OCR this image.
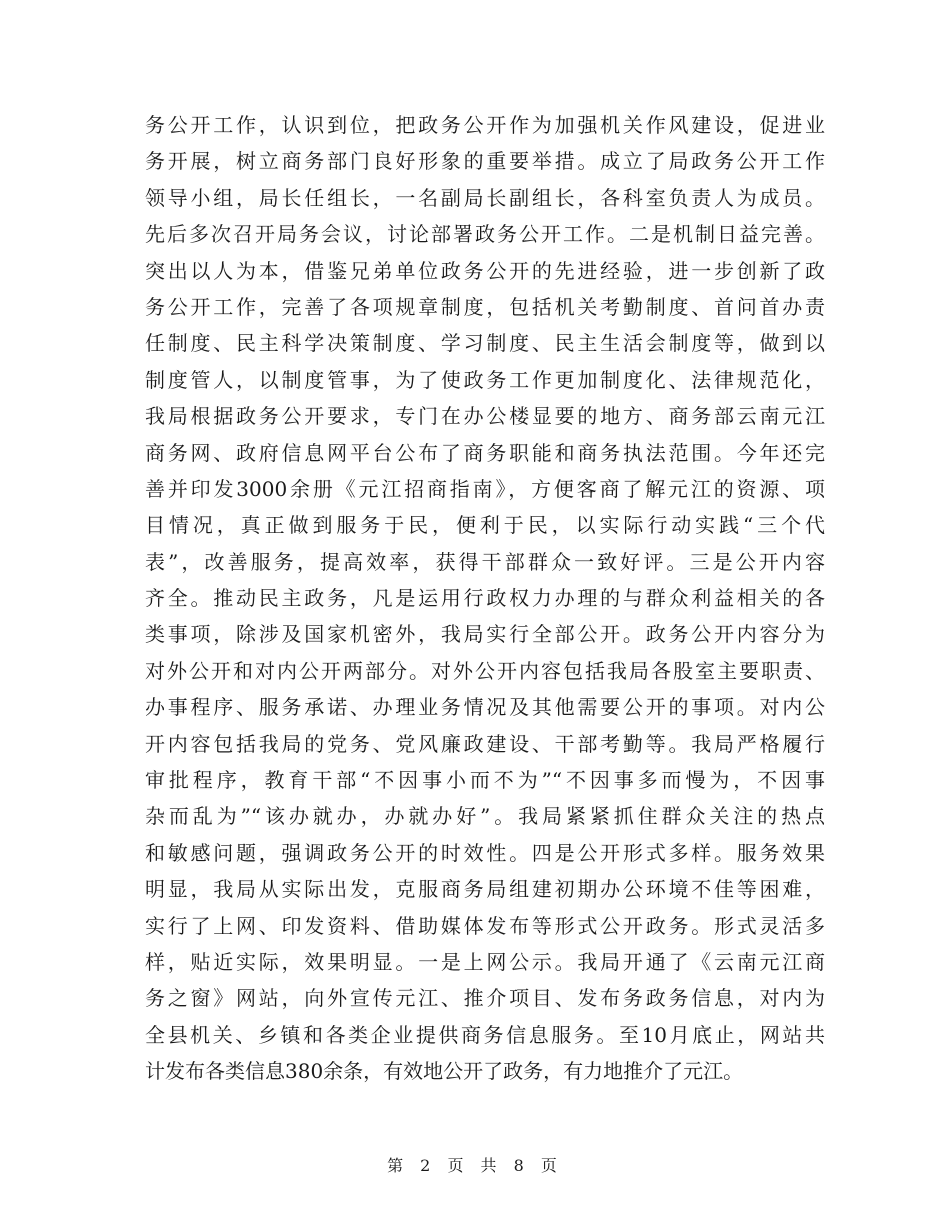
务公开工作，认识到位，把政务公开作为加强机关作风建设，促进业
务开展，树立商务部门良好形象的重要举措。成立了局政务公开工作
领导小组，局长任组长，一名副局长副组长，各科室负责人为成员。
先后多次召开局务会议，讨论部署政务公开工作。二是机制日益完善。
突出以人为本，借鉴兄弟单位政务公开的先进经验，进一步创新了政
务公开工作，完善了各项规章制度，包括机关考勤制度、首问首办责
任制度、民主科学决策制度、学习制度、民主生活会制度等，做到以
制度管人，以制度管事，为了使政务工作更加制度化、法律规范化，
我局根据政务公开要求，专门在办公楼显要的地方、商务部云南元江
商务网、政府信息网平台公布了商务职能和商务执法范围。今年还完
善并印发3000余册《元江招商指南》，方便客商了解元江的资源、项
目情况，真正做到服务于民，便利于民，以实际行动实践“三个代
表”，改善服务，提高效率，获得干部群众一致好评。三是公开内容
齐全。推动民主政务，凡是运用行政权力办理的与群众利益相关的各
类事项，除涉及国家机密外，我局实行全部公开。政务公开内容分为
对外公开和对内公开两部分。对外公开内容包括我局各股室主要职责、
办事程序、服务承诺、办理业务情况及其他需要公开的事项。对内公
开内容包括我局的党务、党风廉政建设、干部考勤等。我局严格履行
审批程序，教育干部“不因事小而不为”“不因事多而慢为，不因事
杂而乱为”“该办就办，办就办好”。我局紧紧抓住群众关注的热点
和敏感问题，强调政务公开的时效性。四是公开形式多样。服务效果
明显，我局从实际出发，克服商务局组建初期办公环境不佳等困难，
实行了上网、印发资料、借助媒体发布等形式公开政务。形式灵活多
样，贴近实际，效果明显。一是上网公示。我局开通了《云南元江商
务之窗》网站，向外宣传元江、推介项目、发布务政务信息，对内为
全县机关、乡镇和各类企业提供商务信息服务。至10月底止，网站共
计发布各类信息380余条，有效地公开了政务，有力地推介了元江。
第 2 页 共 8 页
